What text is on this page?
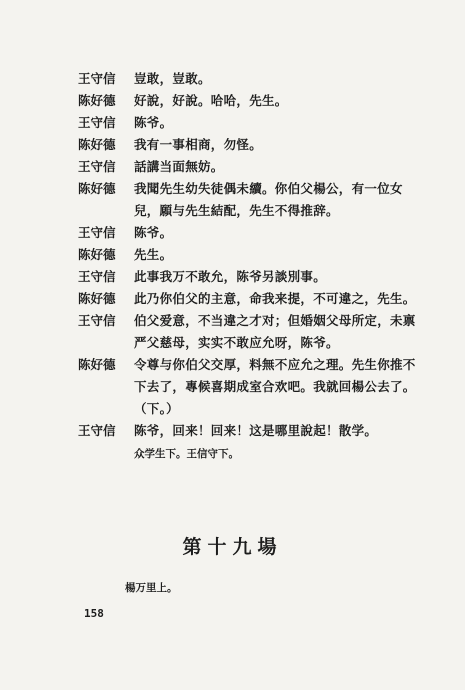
王守信	豈敢，豈敢。
陈好德	好說，好說。哈哈，先生。
王守信	陈爷。
陈好德	我有一事相商，勿怪。
王守信	話講当面無妨。
陈好德	我聞先生幼失徒偶未續。你伯父楊公，有一位女兒，願与先生結配，先生不得推辞。
王守信	陈爷。
陈好德	先生。
王守信	此事我万不敢允，陈爷另談別事。
陈好德	此乃你伯父的主意，命我来提，不可違之，先生。
王守信	伯父爱意，不当違之才对；但婚姻父母所定，未禀严父慈母，实实不敢应允呀，陈爷。
陈好德	令尊与你伯父交厚，料無不应允之理。先生你推不下去了，專候喜期成室合欢吧。我就回楊公去了。（下。）
王守信	陈爷，回来！回来！这是哪里說起！散学。
众学生下。王信守下。
第十九場
楊万里上。
158
